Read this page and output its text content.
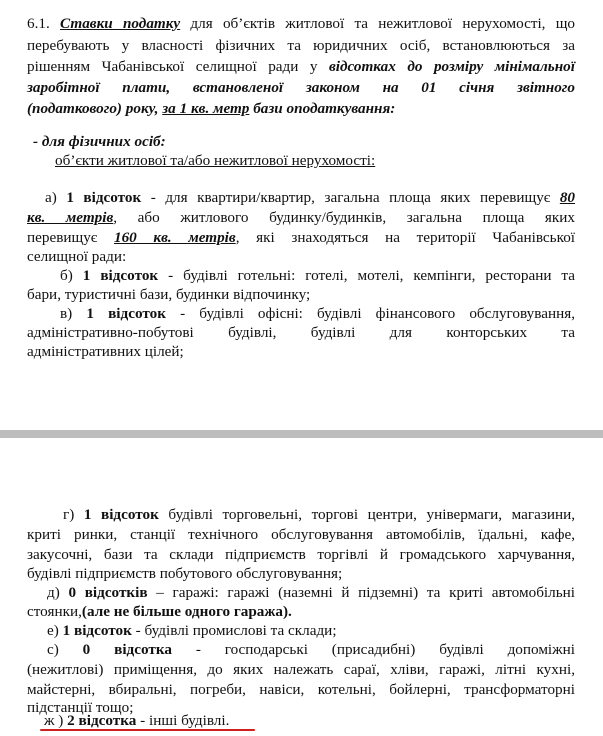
6.1. Ставки податку для об’єктів житлової та нежитлової нерухомості, що
перебувають у власності фізичних та юридичних осіб, встановлюються за
рішенням Чабанівської селищної ради у відсотках до розміру мінімальної
заробітної плати, встановленої законом на 01 січня звітного
(податкового) року, за 1 кв. метр бази оподаткування:
- для фізичних осіб:
об’єкти житлової та/або нежитлової нерухомості:
а) 1 відсоток - для квартири/квартир, загальна площа яких перевищує 80
кв. метрів, або житлового будинку/будинків, загальна площа яких
перевищує 160 кв. метрів, які знаходяться на території Чабанівської
селищної ради:
б) 1 відсоток - будівлі готельні: готелі, мотелі, кемпінги, ресторани та
бари, туристичні бази, будинки відпочинку;
в) 1 відсоток - будівлі офісні: будівлі фінансового обслуговування,
адміністративно-побутові будівлі, будівлі для конторських та
адміністративних цілей;
г) 1 відсоток будівлі торговельні, торгові центри, універмаги, магазини,
криті ринки, станції технічного обслуговування автомобілів, їдальні, кафе,
закусочні, бази та склади підприємств торгівлі й громадського харчування,
будівлі підприємств побутового обслуговування;
д) 0 відсотків – гаражі: гаражі (наземні й підземні) та криті автомобільні
стоянки,(але не більше одного гаража).
е) 1 відсоток - будівлі промислові та склади;
с) 0 відсотка - господарські (присадибні) будівлі допоміжні
(нежитлові) приміщення, до яких належать сараї, хліви, гаражі, літні кухні,
майстерні, вбиральні, погреби, навіси, котельні, бойлерні, трансформаторні
підстанції тощо;
ж ) 2 відсотка - інші будівлі.
